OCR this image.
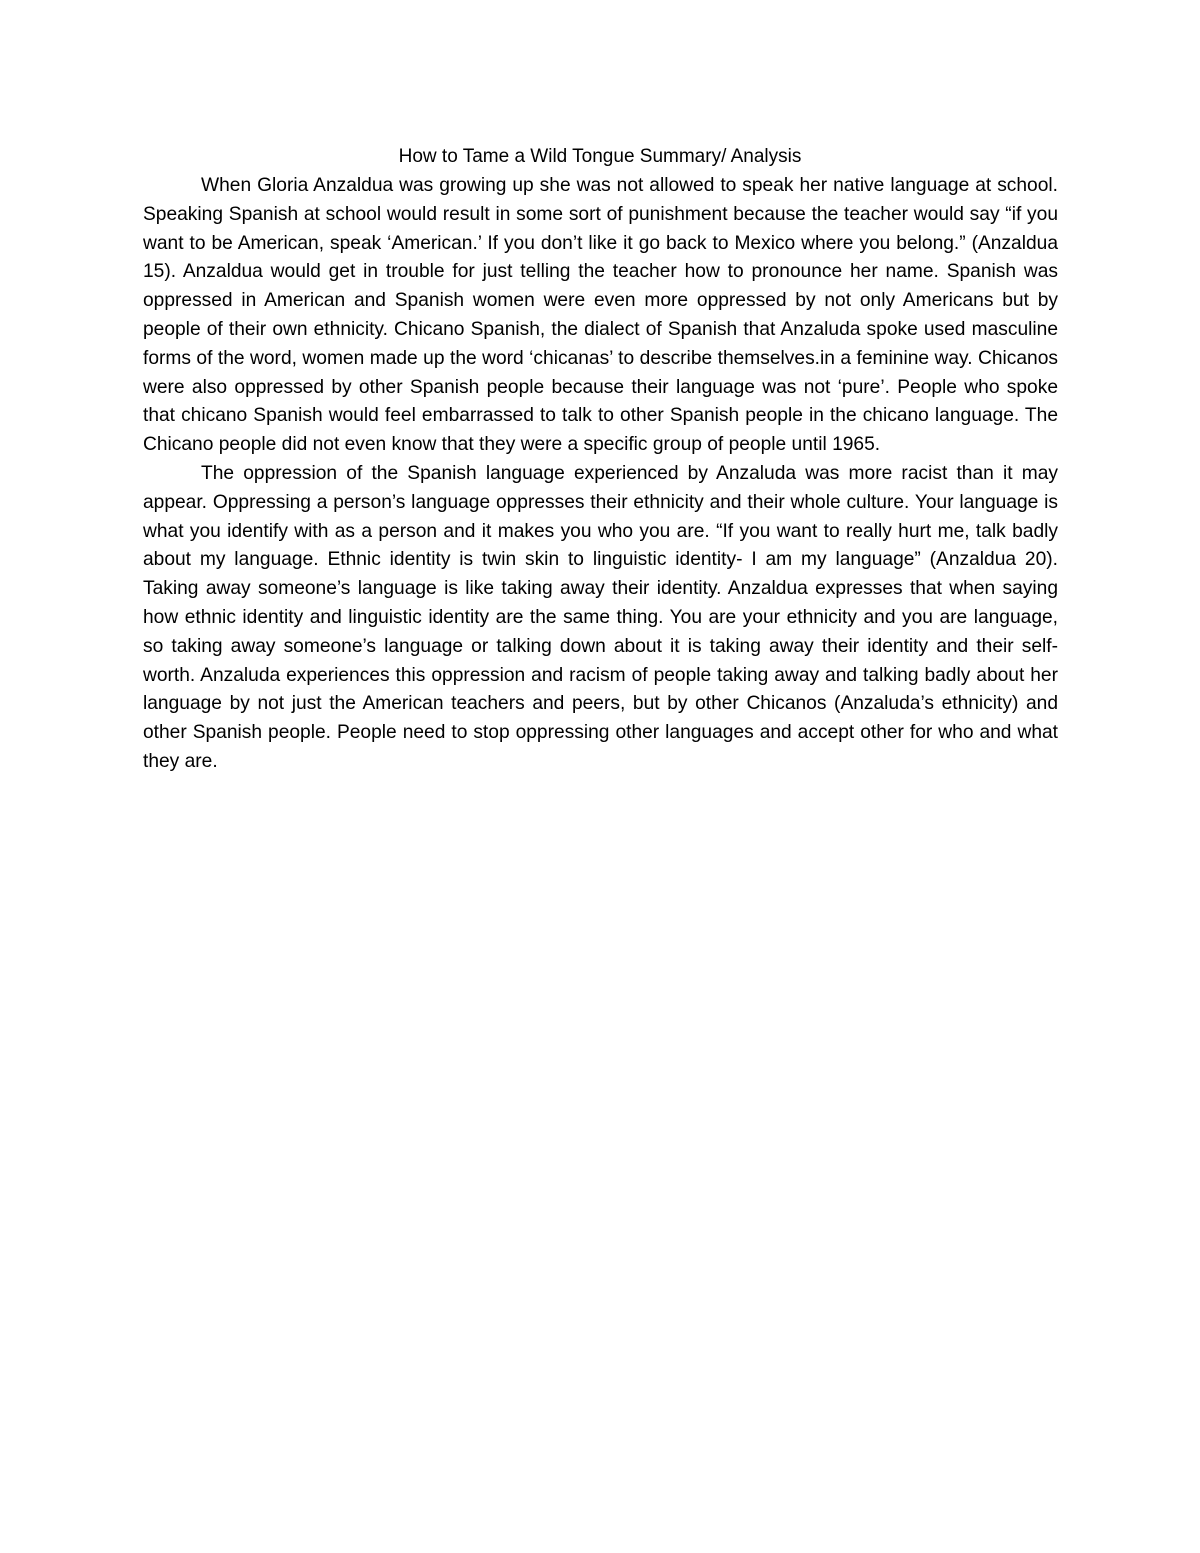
How to Tame a Wild Tongue Summary/ Analysis

When Gloria Anzaldua was growing up she was not allowed to speak her native language at school. Speaking Spanish at school would result in some sort of punishment because the teacher would say “if you want to be American, speak ‘American.’ If you don’t like it go back to Mexico where you belong.” (Anzaldua 15). Anzaldua would get in trouble for just telling the teacher how to pronounce her name. Spanish was oppressed in American and Spanish women were even more oppressed by not only Americans but by people of their own ethnicity. Chicano Spanish, the dialect of Spanish that Anzaluda spoke used masculine forms of the word, women made up the word ‘chicanas’ to describe themselves.in a feminine way. Chicanos were also oppressed by other Spanish people because their language was not ‘pure’. People who spoke that chicano Spanish would feel embarrassed to talk to other Spanish people in the chicano language. The Chicano people did not even know that they were a specific group of people until 1965.

The oppression of the Spanish language experienced by Anzaluda was more racist than it may appear. Oppressing a person’s language oppresses their ethnicity and their whole culture. Your language is what you identify with as a person and it makes you who you are. “If you want to really hurt me, talk badly about my language. Ethnic identity is twin skin to linguistic identity- I am my language” (Anzaldua 20). Taking away someone’s language is like taking away their identity. Anzaldua expresses that when saying how ethnic identity and linguistic identity are the same thing. You are your ethnicity and you are language, so taking away someone’s language or talking down about it is taking away their identity and their self-worth. Anzaluda experiences this oppression and racism of people taking away and talking badly about her language by not just the American teachers and peers, but by other Chicanos (Anzaluda’s ethnicity) and other Spanish people. People need to stop oppressing other languages and accept other for who and what they are.
